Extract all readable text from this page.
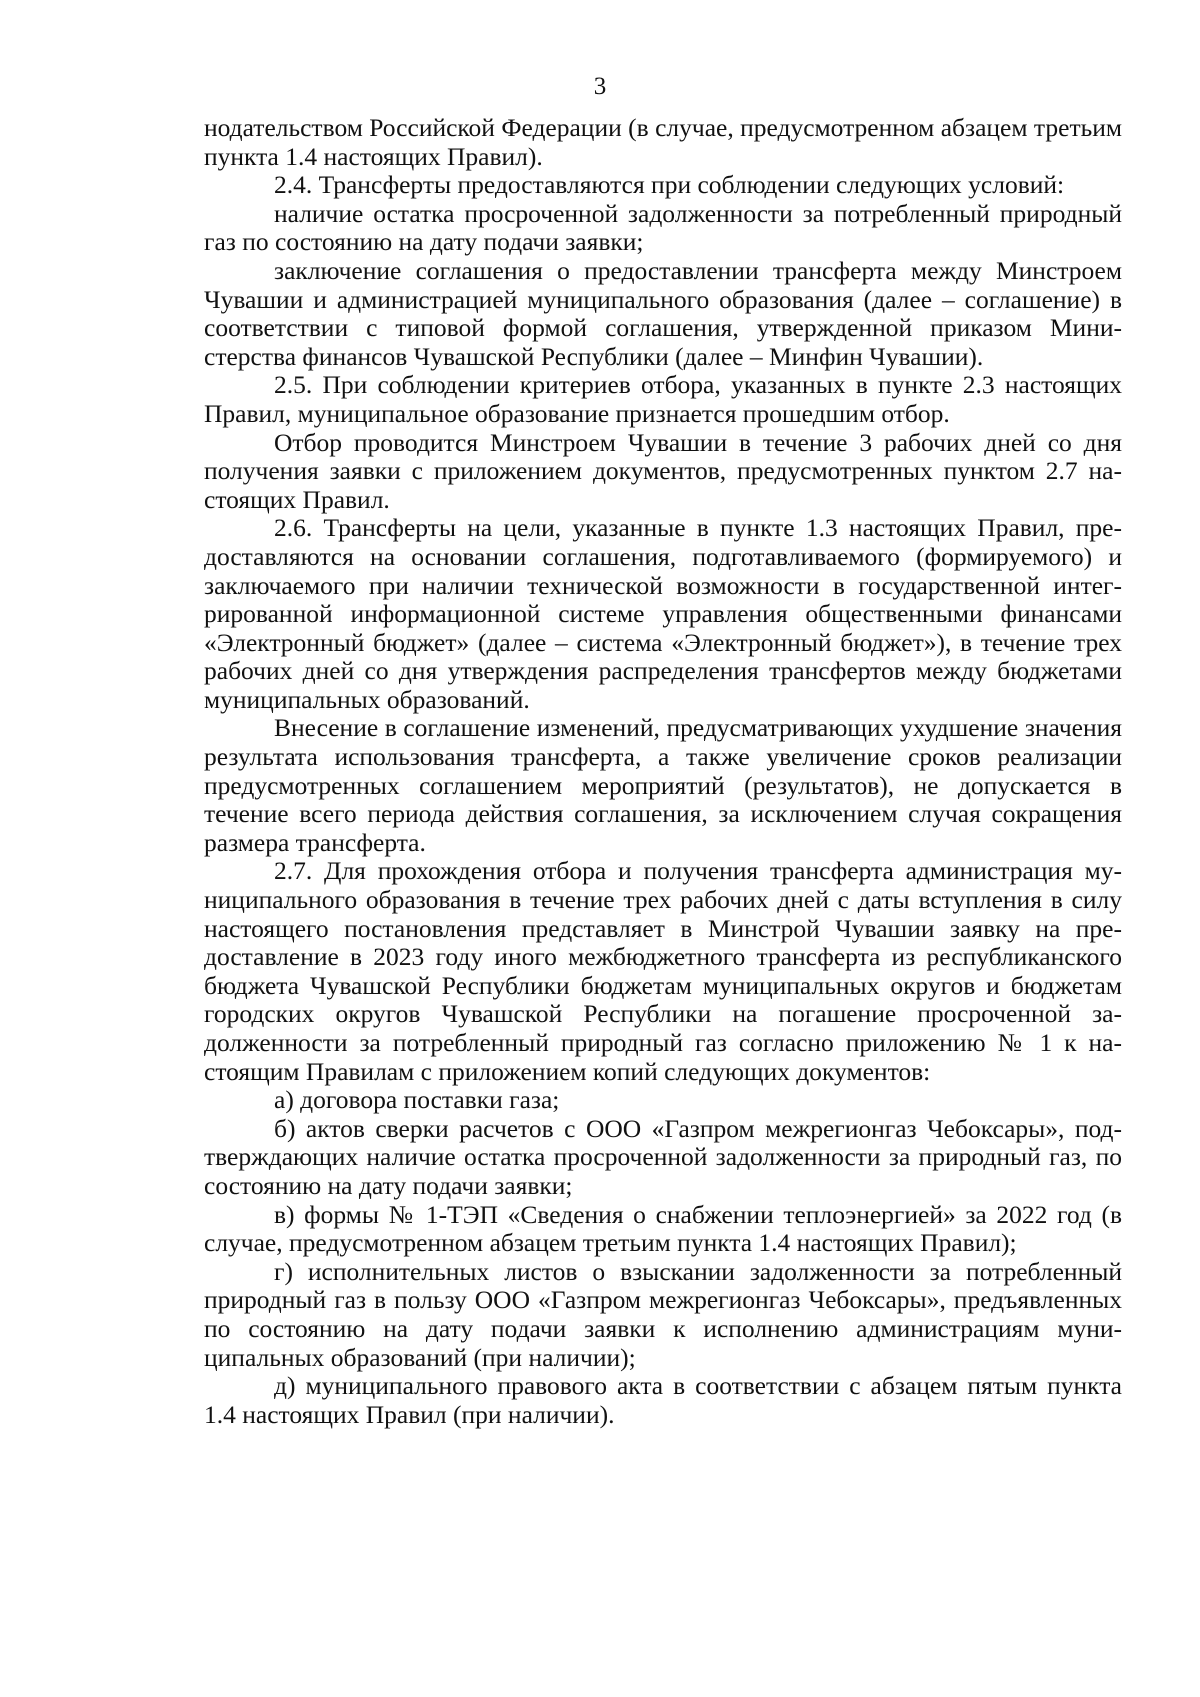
3

нодательством Российской Федерации (в случае, предусмотренном абзацем третьим пункта 1.4 настоящих Правил).

2.4. Трансферты предоставляются при соблюдении следующих условий:

наличие остатка просроченной задолженности за потребленный природный газ по состоянию на дату подачи заявки;

заключение соглашения о предоставлении трансферта между Минстроем Чувашии и администрацией муниципального образования (далее – соглашение) в соответствии с типовой формой соглашения, утвержденной приказом Министерства финансов Чувашской Республики (далее – Минфин Чувашии).

2.5. При соблюдении критериев отбора, указанных в пункте 2.3 настоящих Правил, муниципальное образование признается прошедшим отбор.

Отбор проводится Минстроем Чувашии в течение 3 рабочих дней со дня получения заявки с приложением документов, предусмотренных пунктом 2.7 настоящих Правил.

2.6. Трансферты на цели, указанные в пункте 1.3 настоящих Правил, предоставляются на основании соглашения, подготавливаемого (формируемого) и заключаемого при наличии технической возможности в государственной интегрированной информационной системе управления общественными финансами «Электронный бюджет» (далее – система «Электронный бюджет»), в течение трех рабочих дней со дня утверждения распределения трансфертов между бюджетами муниципальных образований.

Внесение в соглашение изменений, предусматривающих ухудшение значения результата использования трансферта, а также увеличение сроков реализации предусмотренных соглашением мероприятий (результатов), не допускается в течение всего периода действия соглашения, за исключением случая сокращения размера трансферта.

2.7. Для прохождения отбора и получения трансферта администрация муниципального образования в течение трех рабочих дней с даты вступления в силу настоящего постановления представляет в Минстрой Чувашии заявку на предоставление в 2023 году иного межбюджетного трансферта из республиканского бюджета Чувашской Республики бюджетам муниципальных округов и бюджетам городских округов Чувашской Республики на погашение просроченной задолженности за потребленный природный газ согласно приложению № 1 к настоящим Правилам с приложением копий следующих документов:

а) договора поставки газа;

б) актов сверки расчетов с ООО «Газпром межрегионгаз Чебоксары», подтверждающих наличие остатка просроченной задолженности за природный газ, по состоянию на дату подачи заявки;

в) формы № 1-ТЭП «Сведения о снабжении теплоэнергией» за 2022 год (в случае, предусмотренном абзацем третьим пункта 1.4 настоящих Правил);

г) исполнительных листов о взыскании задолженности за потребленный природный газ в пользу ООО «Газпром межрегионгаз Чебоксары», предъявленных по состоянию на дату подачи заявки к исполнению администрациям муниципальных образований (при наличии);

д) муниципального правового акта в соответствии с абзацем пятым пункта 1.4 настоящих Правил (при наличии).
